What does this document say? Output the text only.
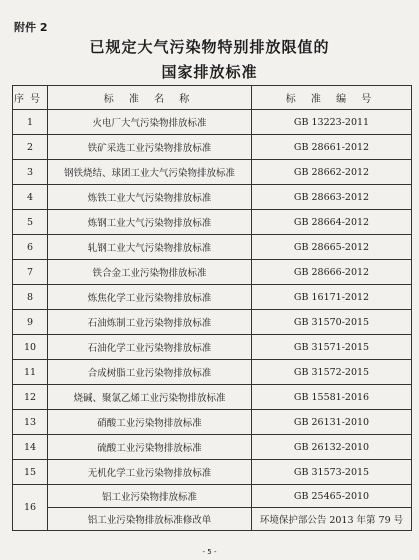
附件 2
已规定大气污染物特别排放限值的
国家排放标准
序号	标 准 名 称	标 准 编 号
1	火电厂大气污染物排放标准	GB 13223-2011
2	铁矿采选工业污染物排放标准	GB 28661-2012
3	钢铁烧结、球团工业大气污染物排放标准	GB 28662-2012
4	炼铁工业大气污染物排放标准	GB 28663-2012
5	炼钢工业大气污染物排放标准	GB 28664-2012
6	轧钢工业大气污染物排放标准	GB 28665-2012
7	铁合金工业污染物排放标准	GB 28666-2012
8	炼焦化学工业污染物排放标准	GB 16171-2012
9	石油炼制工业污染物排放标准	GB 31570-2015
10	石油化学工业污染物排放标准	GB 31571-2015
11	合成树脂工业污染物排放标准	GB 31572-2015
12	烧碱、聚氯乙烯工业污染物排放标准	GB 15581-2016
13	硝酸工业污染物排放标准	GB 26131-2010
14	硫酸工业污染物排放标准	GB 26132-2010
15	无机化学工业污染物排放标准	GB 31573-2015
16	铝工业污染物排放标准	GB 25465-2010
	铝工业污染物排放标准修改单	环境保护部公告 2013 年第 79 号
- 5 -
